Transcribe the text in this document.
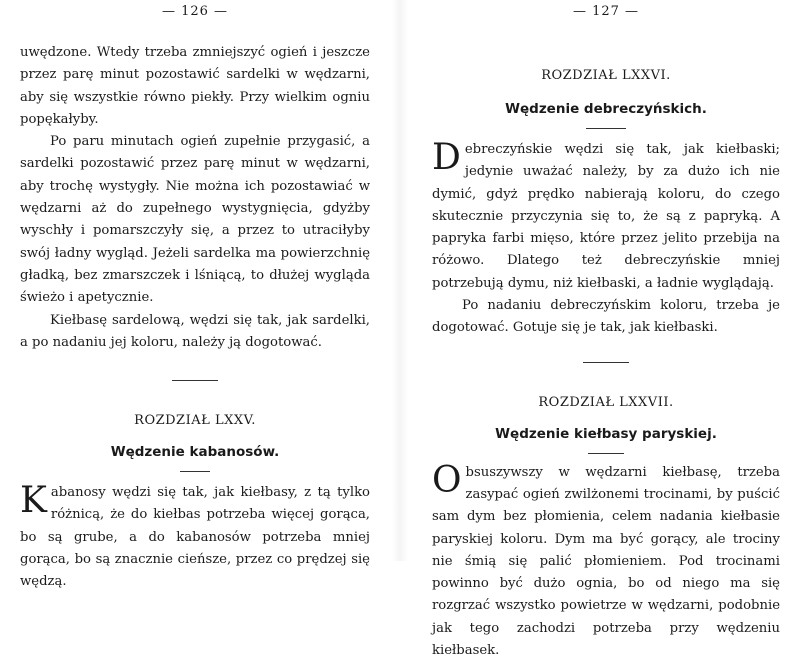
— 126 —

uwędzone. Wtedy trzeba zmniejszyć ogień i jeszcze przez parę minut pozostawić sardelki w wędzarni, aby się wszystkie równo piekły. Przy wielkim ogniu popękałyby.

Po paru minutach ogień zupełnie przygasić, a sardelki pozostawić przez parę minut w wędzarni, aby trochę wystygły. Nie można ich pozostawiać w wędzarni aż do zupełnego wystygnięcia, gdyżby wyschły i pomarszczyły się, a przez to utraciłyby swój ładny wygląd. Jeżeli sardelka ma powierzchnię gładką, bez zmarszczek i lśniącą, to dłużej wygląda świeżo i apetycznie.

Kiełbasę sardelową, wędzi się tak, jak sardelki, a po nadaniu jej koloru, należy ją dogotować.

ROZDZIAŁ LXXV.

Wędzenie kabanosów.

Kabanosy wędzi się tak, jak kiełbasy, z tą tylko różnicą, że do kiełbas potrzeba więcej gorąca, bo są grube, a do kabanosów potrzeba mniej gorąca, bo są znacznie cieńsze, przez co prędzej się wędzą.

— 127 —

ROZDZIAŁ LXXVI.

Wędzenie debreczyńskich.

Debreczyńskie wędzi się tak, jak kiełbaski; jedynie uważać należy, by za dużo ich nie dymić, gdyż prędko nabierają koloru, do czego skutecznie przyczynia się to, że są z papryką. A papryka farbi mięso, które przez jelito przebija na różowo. Dlatego też debreczyńskie mniej potrzebują dymu, niż kiełbaski, a ładnie wyglądają.

Po nadaniu debreczyńskim koloru, trzeba je dogotować. Gotuje się je tak, jak kiełbaski.

ROZDZIAŁ LXXVII.

Wędzenie kiełbasy paryskiej.

Obsuszywszy w wędzarni kiełbasę, trzeba zasypać ogień zwilżonemi trocinami, by puścić sam dym bez płomienia, celem nadania kiełbasie paryskiej koloru. Dym ma być gorący, ale trociny nie śmią się palić płomieniem. Pod trocinami powinno być dużo ognia, bo od niego ma się rozgrzać wszystko powietrze w wędzarni, podobnie jak tego zachodzi potrzeba przy wędzeniu kiełbasek.
